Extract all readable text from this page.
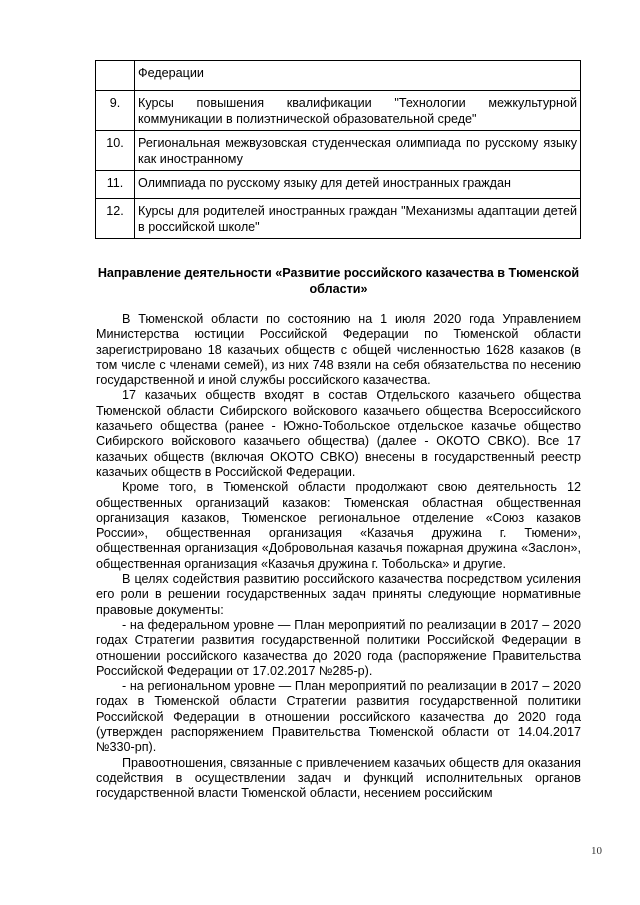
	Федерации
9.	Курсы повышения квалификации "Технологии межкультурной коммуникации в полиэтнической образовательной среде"
10.	Региональная межвузовская студенческая олимпиада по русскому языку как иностранному
11.	Олимпиада по русскому языку для детей иностранных граждан
12.	Курсы для родителей иностранных граждан "Механизмы адаптации детей в российской школе"
Направление деятельности «Развитие российского казачества в Тюменской области»

В Тюменской области по состоянию на 1 июля 2020 года Управлением Министерства юстиции Российской Федерации по Тюменской области зарегистрировано 18 казачьих обществ с общей численностью 1628 казаков (в том числе с членами семей), из них 748 взяли на себя обязательства по несению государственной и иной службы российского казачества.

17 казачьих обществ входят в состав Отдельского казачьего общества Тюменской области Сибирского войскового казачьего общества Всероссийского казачьего общества (ранее - Южно-Тобольское отдельское казачье общество Сибирского войскового казачьего общества) (далее - ОКОТО СВКО). Все 17 казачьих обществ (включая ОКОТО СВКО) внесены в государственный реестр казачьих обществ в Российской Федерации.

Кроме того, в Тюменской области продолжают свою деятельность 12 общественных организаций казаков: Тюменская областная общественная организация казаков, Тюменское региональное отделение «Союз казаков России», общественная организация «Казачья дружина г. Тюмени», общественная организация «Добровольная казачья пожарная дружина «Заслон», общественная организация «Казачья дружина г. Тобольска» и другие.

В целях содействия развитию российского казачества посредством усиления его роли в решении государственных задач приняты следующие нормативные правовые документы:

- на федеральном уровне — План мероприятий по реализации в 2017 – 2020 годах Стратегии развития государственной политики Российской Федерации в отношении российского казачества до 2020 года (распоряжение Правительства Российской Федерации от 17.02.2017 №285-р).

- на региональном уровне — План мероприятий по реализации в 2017 – 2020 годах в Тюменской области Стратегии развития государственной политики Российской Федерации в отношении российского казачества до 2020 года (утвержден распоряжением Правительства Тюменской области от 14.04.2017 №330-рп).

Правоотношения, связанные с привлечением казачьих обществ для оказания содействия в осуществлении задач и функций исполнительных органов государственной власти Тюменской области, несением российским

10
